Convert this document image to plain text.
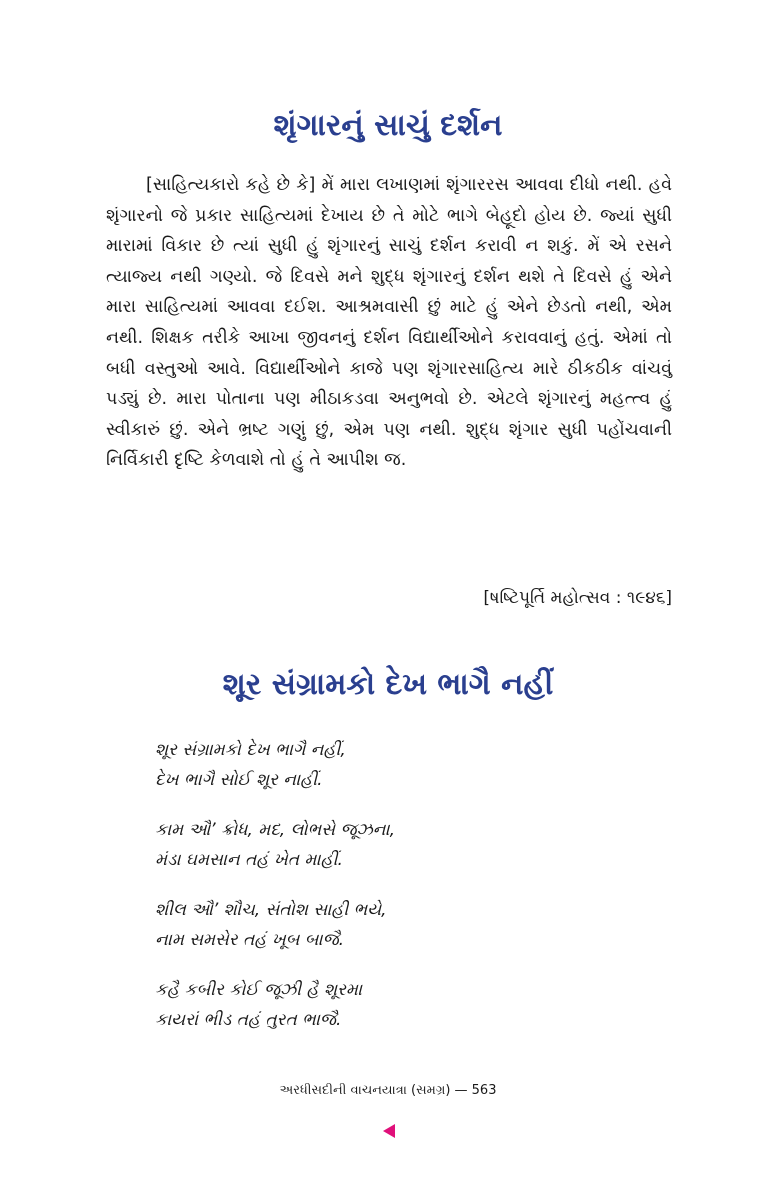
શૃંગારનું સાચું દર્શન

[સાહિત્યકારો કહે છે કે] મેં મારા લખાણમાં શૃંગારરસ આવવા દીધો નથી. હવે શૃંગારનો જે પ્રકાર સાહિત્યમાં દેખાય છે તે મોટે ભાગે બેહૂદો હોય છે. જ્યાં સુધી મારામાં વિકાર છે ત્યાં સુધી હું શૃંગારનું સાચું દર્શન કરાવી ન શકું. મેં એ રસને ત્યાજ્ય નથી ગણ્યો. જે દિવસે મને શુદ્ધ શૃંગારનું દર્શન થશે તે દિવસે હું એને મારા સાહિત્યમાં આવવા દઈશ. આશ્રમવાસી છું માટે હું એને છેડતો નથી, એમ નથી. શિક્ષક તરીકે આખા જીવનનું દર્શન વિદ્યાર્થીઓને કરાવવાનું હતું. એમાં તો બધી વસ્તુઓ આવે. વિદ્યાર્થીઓને કાજે પણ શૃંગારસાહિત્ય મારે ઠીકઠીક વાંચવું પડ્યું છે. મારા પોતાના પણ મીઠાકડવા અનુભવો છે. એટલે શૃંગારનું મહત્ત્વ હું સ્વીકારું છું. એને ભ્રષ્ટ ગણું છું, એમ પણ નથી. શુદ્ધ શૃંગાર સુધી પહોંચવાની નિર્વિકારી દૃષ્ટિ કેળવાશે તો હું તે આપીશ જ.

[ષષ્ટિપૂર્તિ મહોત્સવ : ૧૯૪૬]
શૂર સંગ્રામકો દેખ ભાગૈ નહીં
શૂર સંગ્રામકો દેખ ભાગૈ નહીં,
દેખ ભાગૈ સોઈ શૂર નાહીં.
કામ ઔ’ ક્રોધ, મદ, લોભસે જૂઝના,
મંડા ઘમસાન તહં ખેત માહીં.
શીલ ઔ’ શૌચ, સંતોશ સાહી ભયે,
નામ સમસેર તહં ખૂબ બાજૈ.
કહૈ કબીર કોઈ જૂઝી હૈ શૂરમા
કાયરાં ભીડ તહં તુરત ભાજૈ.
અરધીસદીની વાચનયાત્રા (સમગ્ર) — 563
